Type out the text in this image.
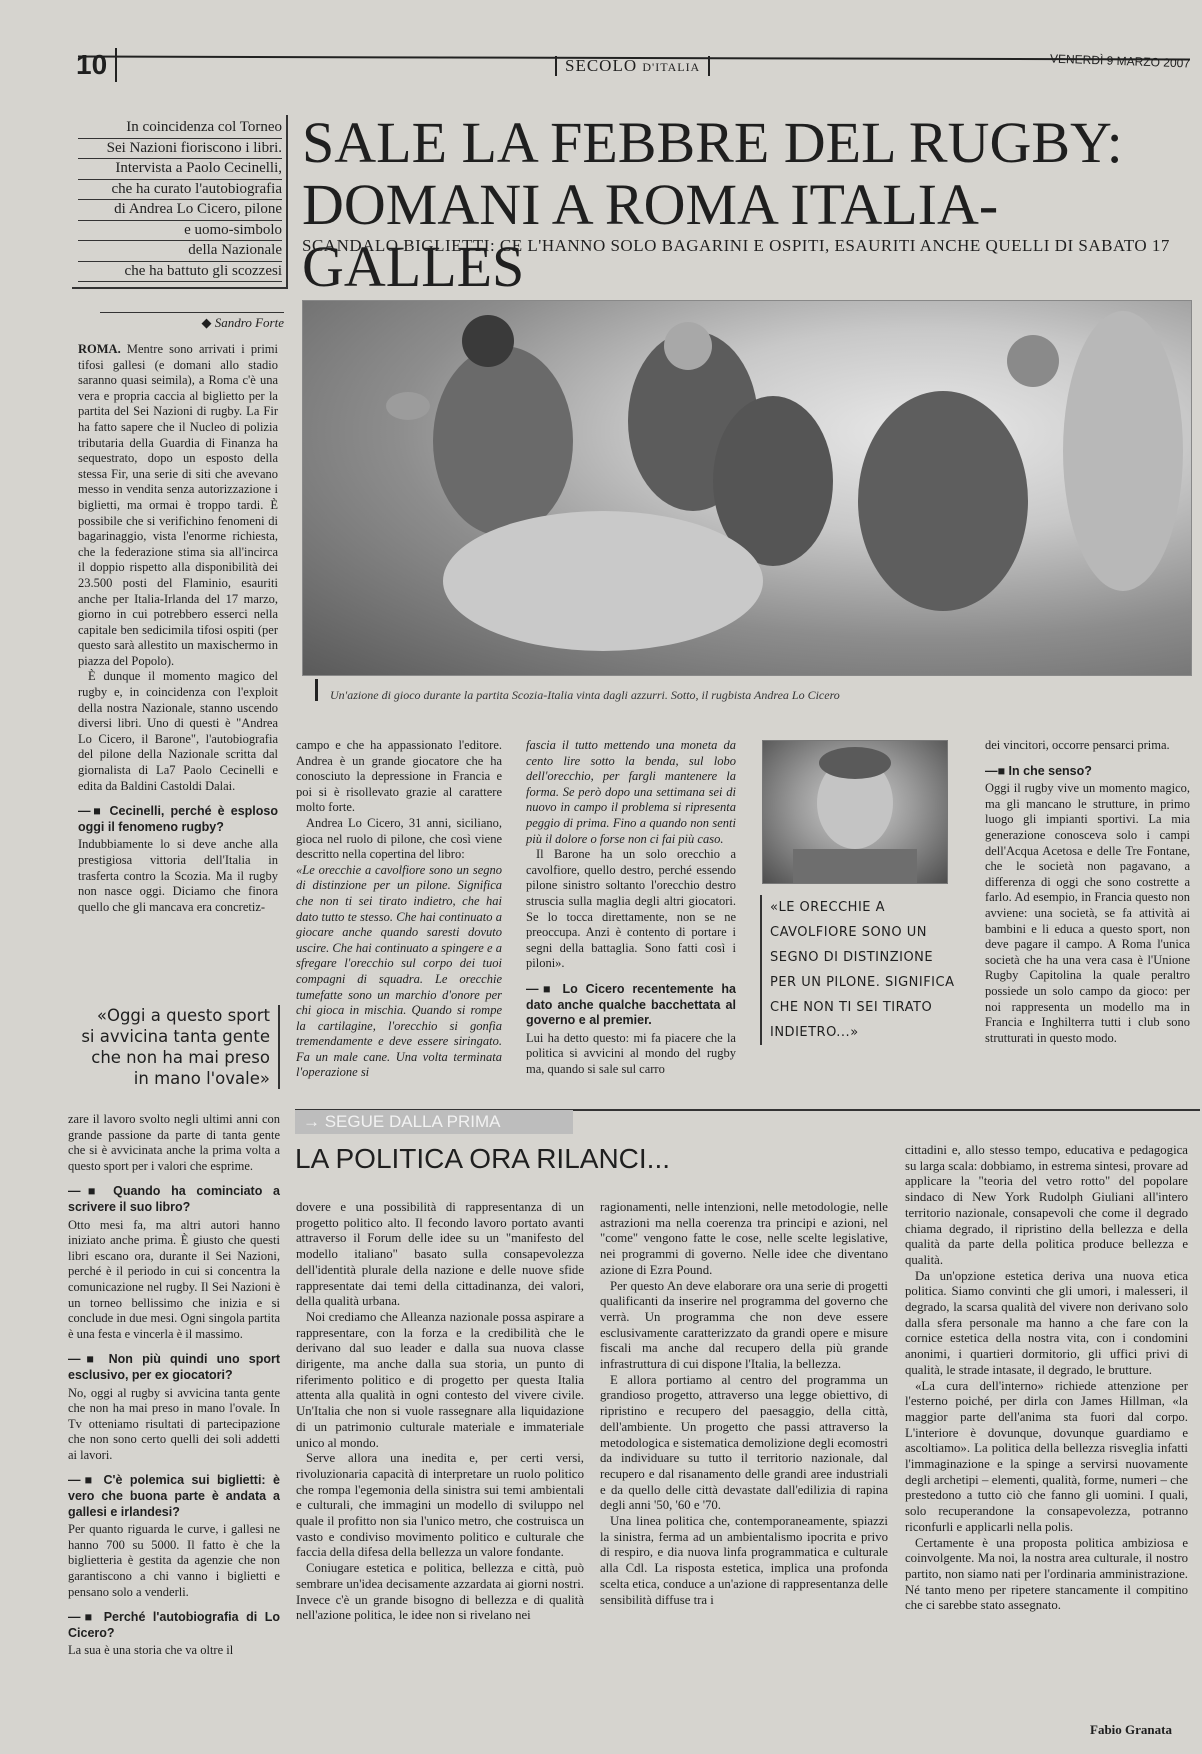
10	SECOLO D'ITALIA	VENERDÌ 9 MARZO 2007
In coincidenza col Torneo
Sei Nazioni fioriscono i libri.
Intervista a Paolo Cecinelli,
che ha curato l'autobiografia
di Andrea Lo Cicero, pilone
e uomo-simbolo
della Nazionale
che ha battuto gli scozzesi
◆ Sandro Forte
SALE LA FEBBRE DEL RUGBY:
DOMANI A ROMA ITALIA-GALLES
SCANDALO BIGLIETTI: CE L'HANNO SOLO BAGARINI E OSPITI, ESAURITI ANCHE QUELLI DI SABATO 17
Un'azione di gioco durante la partita Scozia-Italia vinta dagli azzurri. Sotto, il rugbista Andrea Lo Cicero

ROMA. Mentre sono arrivati i primi tifosi gallesi (e domani allo stadio saranno quasi seimila), a Roma c'è una vera e propria caccia al biglietto per la partita del Sei Nazioni di rugby. La Fir ha fatto sapere che il Nucleo di polizia tributaria della Guardia di Finanza ha sequestrato, dopo un esposto della stessa Fir, una serie di siti che avevano messo in vendita senza autorizzazione i biglietti, ma ormai è troppo tardi. È possibile che si verifichino fenomeni di bagarinaggio, vista l'enorme richiesta, che la federazione stima sia all'incirca il doppio rispetto alla disponibilità dei 23.500 posti del Flaminio, esauriti anche per Italia-Irlanda del 17 marzo, giorno in cui potrebbero esserci nella capitale ben sedicimila tifosi ospiti (per questo sarà allestito un maxischermo in piazza del Popolo).

È dunque il momento magico del rugby e, in coincidenza con l'exploit della nostra Nazionale, stanno uscendo diversi libri. Uno di questi è "Andrea Lo Cicero, il Barone", l'autobiografia del pilone della Nazionale scritta dal giornalista di La7 Paolo Cecinelli e edita da Baldini Castoldi Dalai.

—■ Cecinelli, perché è esploso oggi il fenomeno rugby?

Indubbiamente lo si deve anche alla prestigiosa vittoria dell'Italia in trasferta contro la Scozia. Ma il rugby non nasce oggi. Diciamo che finora quello che gli mancava era concretiz-

«Oggi a questo sport si avvicina tanta gente che non ha mai preso in mano l'ovale»

zare il lavoro svolto negli ultimi anni con grande passione da parte di tanta gente che si è avvicinata anche la prima volta a questo sport per i valori che esprime.

—■ Quando ha cominciato a scrivere il suo libro?

Otto mesi fa, ma altri autori hanno iniziato anche prima. È giusto che questi libri escano ora, durante il Sei Nazioni, perché è il periodo in cui si concentra la comunicazione nel rugby. Il Sei Nazioni è un torneo bellissimo che inizia e si conclude in due mesi. Ogni singola partita è una festa e vincerla è il massimo.

—■ Non più quindi uno sport esclusivo, per ex giocatori?

No, oggi al rugby si avvicina tanta gente che non ha mai preso in mano l'ovale. In Tv otteniamo risultati di partecipazione che non sono certo quelli dei soli addetti ai lavori.

—■ C'è polemica sui biglietti: è vero che buona parte è andata a gallesi e irlandesi?

Per quanto riguarda le curve, i gallesi ne hanno 700 su 5000. Il fatto è che la biglietteria è gestita da agenzie che non garantiscono a chi vanno i biglietti e pensano solo a venderli.

—■ Perché l'autobiografia di Lo Cicero?

La sua è una storia che va oltre il

campo e che ha appassionato l'editore. Andrea è un grande giocatore che ha conosciuto la depressione in Francia e poi si è risollevato grazie al carattere molto forte.

Andrea Lo Cicero, 31 anni, siciliano, gioca nel ruolo di pilone, che così viene descritto nella copertina del libro:

«Le orecchie a cavolfiore sono un segno di distinzione per un pilone. Significa che non ti sei tirato indietro, che hai dato tutto te stesso. Che hai continuato a giocare anche quando saresti dovuto uscire. Che hai continuato a spingere e a sfregare l'orecchio sul corpo dei tuoi compagni di squadra. Le orecchie tumefatte sono un marchio d'onore per chi gioca in mischia. Quando si rompe la cartilagine, l'orecchio si gonfia tremendamente e deve essere siringato. Fa un male cane. Una volta terminata l'operazione si

fascia il tutto mettendo una moneta da cento lire sotto la benda, sul lobo dell'orecchio, per fargli mantenere la forma. Se però dopo una settimana sei di nuovo in campo il problema si ripresenta peggio di prima. Fino a quando non senti più il dolore o forse non ci fai più caso.

Il Barone ha un solo orecchio a cavolfiore, quello destro, perché essendo pilone sinistro soltanto l'orecchio destro struscia sulla maglia degli altri giocatori. Se lo tocca direttamente, non se ne preoccupa. Anzi è contento di portare i segni della battaglia. Sono fatti così i piloni».

—■ Lo Cicero recentemente ha dato anche qualche bacchettata al governo e al premier.

Lui ha detto questo: mi fa piacere che la politica si avvicini al mondo del rugby ma, quando si sale sul carro

«LE ORECCHIE A CAVOLFIORE SONO UN SEGNO DI DISTINZIONE PER UN PILONE. SIGNIFICA CHE NON TI SEI TIRATO INDIETRO...»

dei vincitori, occorre pensarci prima.

—■ In che senso?

Oggi il rugby vive un momento magico, ma gli mancano le strutture, in primo luogo gli impianti sportivi. La mia generazione conosceva solo i campi dell'Acqua Acetosa e delle Tre Fontane, che le società non pagavano, a differenza di oggi che sono costrette a farlo. Ad esempio, in Francia questo non avviene: una società, se fa attività ai bambini e li educa a questo sport, non deve pagare il campo. A Roma l'unica società che ha una vera casa è l'Unione Rugby Capitolina la quale peraltro possiede un solo campo da gioco: per noi rappresenta un modello ma in Francia e Inghilterra tutti i club sono strutturati in questo modo.

→ SEGUE DALLA PRIMA
LA POLITICA ORA RILANCI...

dovere e una possibilità di rappresentanza di un progetto politico alto. Il fecondo lavoro portato avanti attraverso il Forum delle idee su un "manifesto del modello italiano" basato sulla consapevolezza dell'identità plurale della nazione e delle nuove sfide rappresentate dai temi della cittadinanza, dei valori, della qualità urbana.

Noi crediamo che Alleanza nazionale possa aspirare a rappresentare, con la forza e la credibilità che le derivano dal suo leader e dalla sua nuova classe dirigente, ma anche dalla sua storia, un punto di riferimento politico e di progetto per questa Italia attenta alla qualità in ogni contesto del vivere civile. Un'Italia che non si vuole rassegnare alla liquidazione di un patrimonio culturale materiale e immateriale unico al mondo.

Serve allora una inedita e, per certi versi, rivoluzionaria capacità di interpretare un ruolo politico che rompa l'egemonia della sinistra sui temi ambientali e culturali, che immagini un modello di sviluppo nel quale il profitto non sia l'unico metro, che costruisca un vasto e condiviso movimento politico e culturale che faccia della difesa della bellezza un valore fondante.

Coniugare estetica e politica, bellezza e città, può sembrare un'idea decisamente azzardata ai giorni nostri. Invece c'è un grande bisogno di bellezza e di qualità nell'azione politica, le idee non si rivelano nei

ragionamenti, nelle intenzioni, nelle metodologie, nelle astrazioni ma nella coerenza tra principi e azioni, nel "come" vengono fatte le cose, nelle scelte legislative, nei programmi di governo. Nelle idee che diventano azione di Ezra Pound.

Per questo An deve elaborare ora una serie di progetti qualificanti da inserire nel programma del governo che verrà. Un programma che non deve essere esclusivamente caratterizzato da grandi opere e misure fiscali ma anche dal recupero della più grande infrastruttura di cui dispone l'Italia, la bellezza.

E allora portiamo al centro del programma un grandioso progetto, attraverso una legge obiettivo, di ripristino e recupero del paesaggio, della città, dell'ambiente. Un progetto che passi attraverso la metodologica e sistematica demolizione degli ecomostri da individuare su tutto il territorio nazionale, dal recupero e dal risanamento delle grandi aree industriali e da quello delle città devastate dall'edilizia di rapina degli anni '50, '60 e '70.

Una linea politica che, contemporaneamente, spiazzi la sinistra, ferma ad un ambientalismo ipocrita e privo di respiro, e dia nuova linfa programmatica e culturale alla Cdl. La risposta estetica, implica una profonda scelta etica, conduce a un'azione di rappresentanza delle sensibilità diffuse tra i

cittadini e, allo stesso tempo, educativa e pedagogica su larga scala: dobbiamo, in estrema sintesi, provare ad applicare la "teoria del vetro rotto" del popolare sindaco di New York Rudolph Giuliani all'intero territorio nazionale, consapevoli che come il degrado chiama degrado, il ripristino della bellezza e della qualità da parte della politica produce bellezza e qualità.

Da un'opzione estetica deriva una nuova etica politica. Siamo convinti che gli umori, i malesseri, il degrado, la scarsa qualità del vivere non derivano solo dalla sfera personale ma hanno a che fare con la cornice estetica della nostra vita, con i condomini anonimi, i quartieri dormitorio, gli uffici privi di qualità, le strade intasate, il degrado, le brutture.

«La cura dell'interno» richiede attenzione per l'esterno poiché, per dirla con James Hillman, «la maggior parte dell'anima sta fuori dal corpo. L'interiore è dovunque, dovunque guardiamo e ascoltiamo». La politica della bellezza risveglia infatti l'immaginazione e la spinge a servirsi nuovamente degli archetipi – elementi, qualità, forme, numeri – che prestedono a tutto ciò che fanno gli uomini. I quali, solo recuperandone la consapevolezza, potranno riconfurli e applicarli nella polis.

Certamente è una proposta politica ambiziosa e coinvolgente. Ma noi, la nostra area culturale, il nostro partito, non siamo nati per l'ordinaria amministrazione. Né tanto meno per ripetere stancamente il compitino che ci sarebbe stato assegnato.

Fabio Granata
